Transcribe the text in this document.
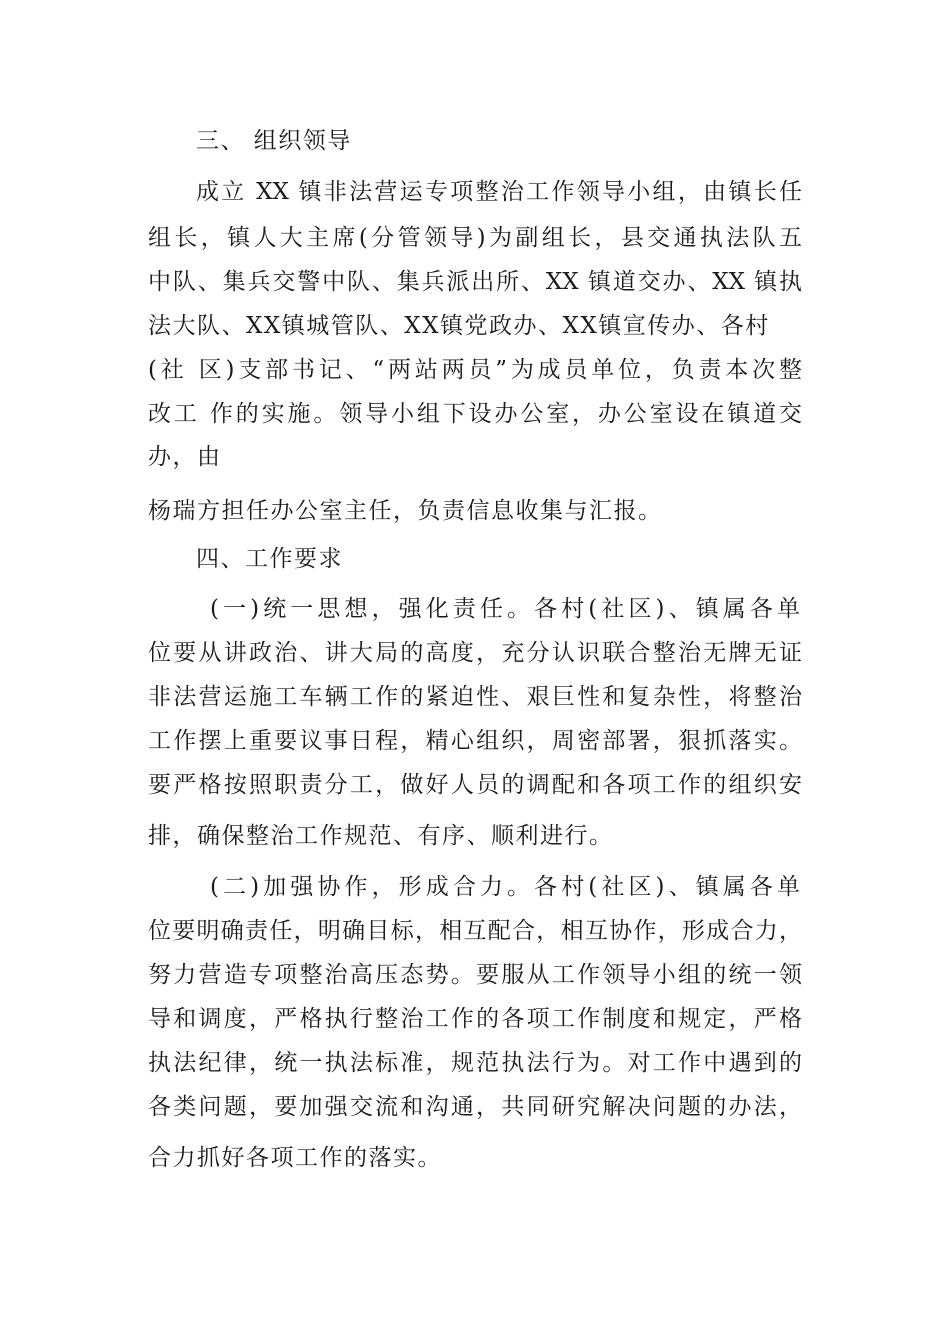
三、 组织领导
成立 XX 镇非法营运专项整治工作领导小组，由镇长任
组长，镇人大主席(分管领导)为副组长，县交通执法队五
中队、集兵交警中队、集兵派出所、XX 镇道交办、XX 镇执
法大队、XX镇城管队、XX镇党政办、XX镇宣传办、各村
(社 区)支部书记、“两站两员”为成员单位，负责本次整
改工 作的实施。领导小组下设办公室，办公室设在镇道交
办，由
杨瑞方担任办公室主任，负责信息收集与汇报。
四、工作要求
(一)统一思想，强化责任。各村(社区)、镇属各单
位要从讲政治、讲大局的高度，充分认识联合整治无牌无证
非法营运施工车辆工作的紧迫性、艰巨性和复杂性，将整治
工作摆上重要议事日程，精心组织，周密部署，狠抓落实。
要严格按照职责分工，做好人员的调配和各项工作的组织安
排，确保整治工作规范、有序、顺利进行。
(二)加强协作，形成合力。各村(社区)、镇属各单
位要明确责任，明确目标，相互配合，相互协作，形成合力，
努力营造专项整治高压态势。要服从工作领导小组的统一领
导和调度，严格执行整治工作的各项工作制度和规定，严格
执法纪律，统一执法标准，规范执法行为。对工作中遇到的
各类问题，要加强交流和沟通，共同研究解决问题的办法，
合力抓好各项工作的落实。
